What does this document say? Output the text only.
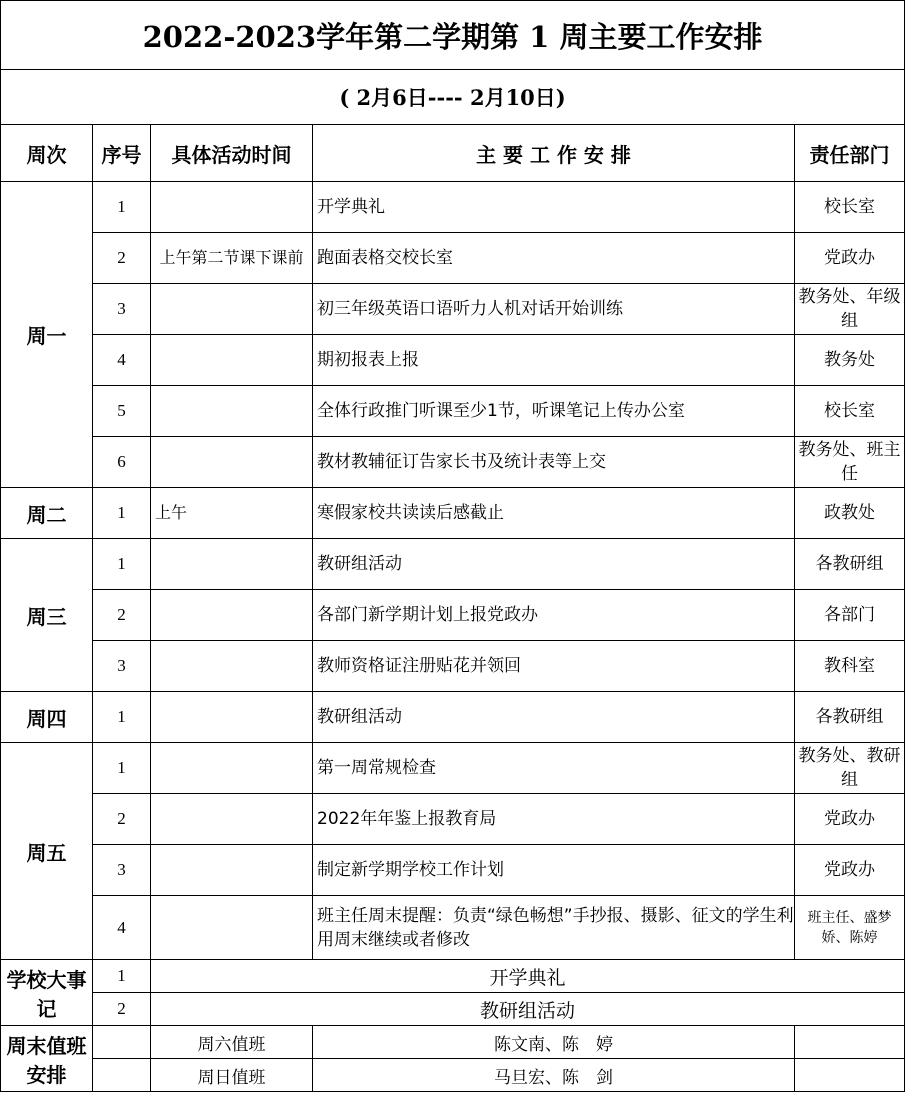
2022-2023学年第二学期第 1 周主要工作安排				
( 2月6日---- 2月10日)				
周次	序号	具体活动时间	主 要 工 作 安 排	责任部门
周一	1		开学典礼	校长室
	2	上午第二节课下课前	跑面表格交校长室	党政办
	3		初三年级英语口语听力人机对话开始训练	教务处、年级组
	4		期初报表上报	教务处
	5		全体行政推门听课至少1节，听课笔记上传办公室	校长室
	6		教材教辅征订告家长书及统计表等上交	教务处、班主任
周二	1	上午	寒假家校共读读后感截止	政教处
周三	1		教研组活动	各教研组
	2		各部门新学期计划上报党政办	各部门
	3		教师资格证注册贴花并领回	教科室
周四	1		教研组活动	各教研组
周五	1		第一周常规检查	教务处、教研组
	2		2022年年鉴上报教育局	党政办
	3		制定新学期学校工作计划	党政办
	4		班主任周末提醒：负责“绿色畅想”手抄报、摄影、征文的学生利用周末继续或者修改	班主任、盛梦娇、陈婷
学校大事记	1	开学典礼		
	2	教研组活动		
周末值班安排		周六值班	陈文南、陈　婷	
		周日值班	马旦宏、陈　剑	
